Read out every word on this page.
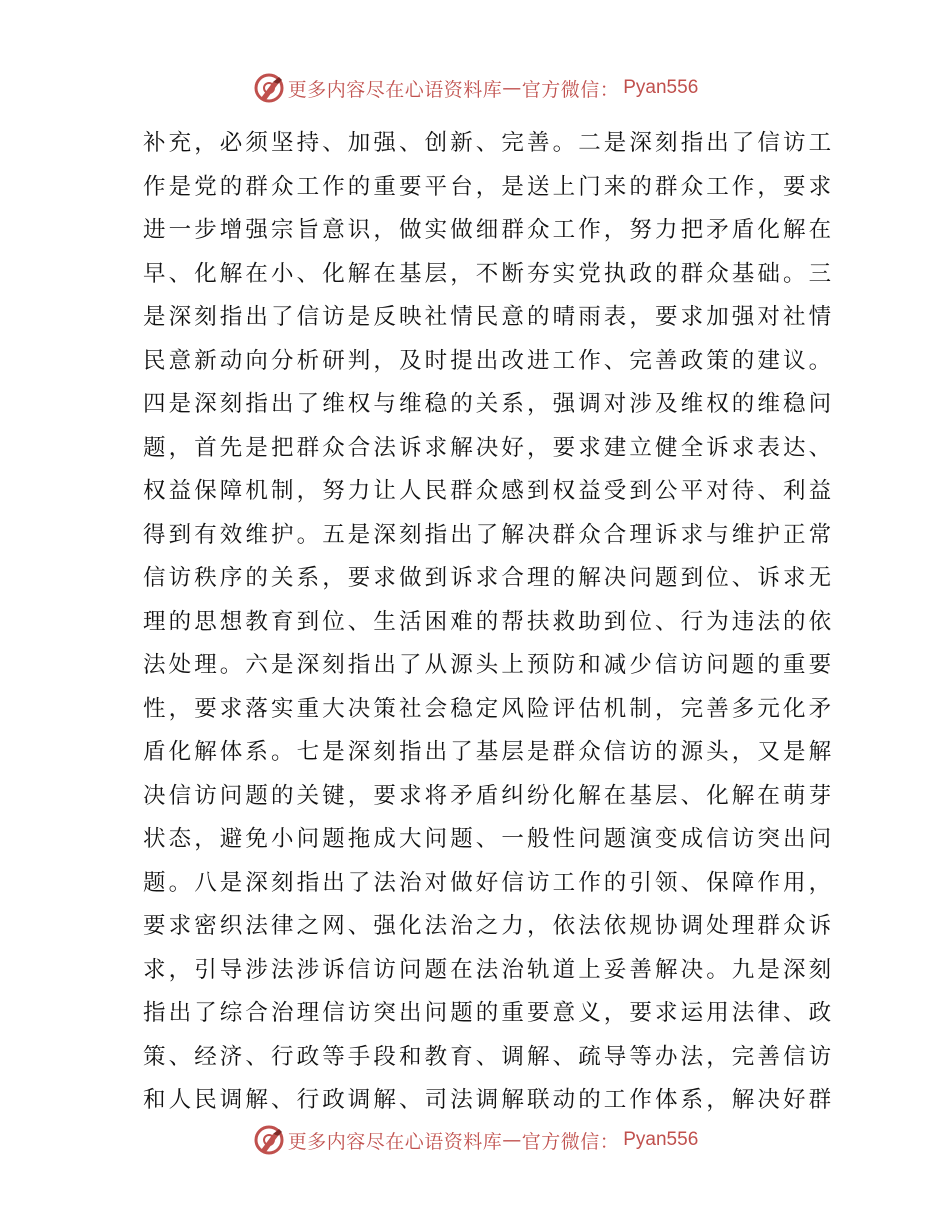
更多内容尽在心语资料库 — 官方微信： Pyan556
补充，必须坚持、加强、创新、完善。二是深刻指出了信访工
作是党的群众工作的重要平台，是送上门来的群众工作，要求
进一步增强宗旨意识，做实做细群众工作，努力把矛盾化解在
早、化解在小、化解在基层，不断夯实党执政的群众基础。三
是深刻指出了信访是反映社情民意的晴雨表，要求加强对社情
民意新动向分析研判，及时提出改进工作、完善政策的建议。
四是深刻指出了维权与维稳的关系，强调对涉及维权的维稳问
题，首先是把群众合法诉求解决好，要求建立健全诉求表达、
权益保障机制，努力让人民群众感到权益受到公平对待、利益
得到有效维护。五是深刻指出了解决群众合理诉求与维护正常
信访秩序的关系，要求做到诉求合理的解决问题到位、诉求无
理的思想教育到位、生活困难的帮扶救助到位、行为违法的依
法处理。六是深刻指出了从源头上预防和减少信访问题的重要
性，要求落实重大决策社会稳定风险评估机制，完善多元化矛
盾化解体系。七是深刻指出了基层是群众信访的源头，又是解
决信访问题的关键，要求将矛盾纠纷化解在基层、化解在萌芽
状态，避免小问题拖成大问题、一般性问题演变成信访突出问
题。八是深刻指出了法治对做好信访工作的引领、保障作用，
要求密织法律之网、强化法治之力，依法依规协调处理群众诉
求，引导涉法涉诉信访问题在法治轨道上妥善解决。九是深刻
指出了综合治理信访突出问题的重要意义，要求运用法律、政
策、经济、行政等手段和教育、调解、疏导等办法，完善信访
和人民调解、行政调解、司法调解联动的工作体系，解决好群
更多内容尽在心语资料库 — 官方微信： Pyan556
